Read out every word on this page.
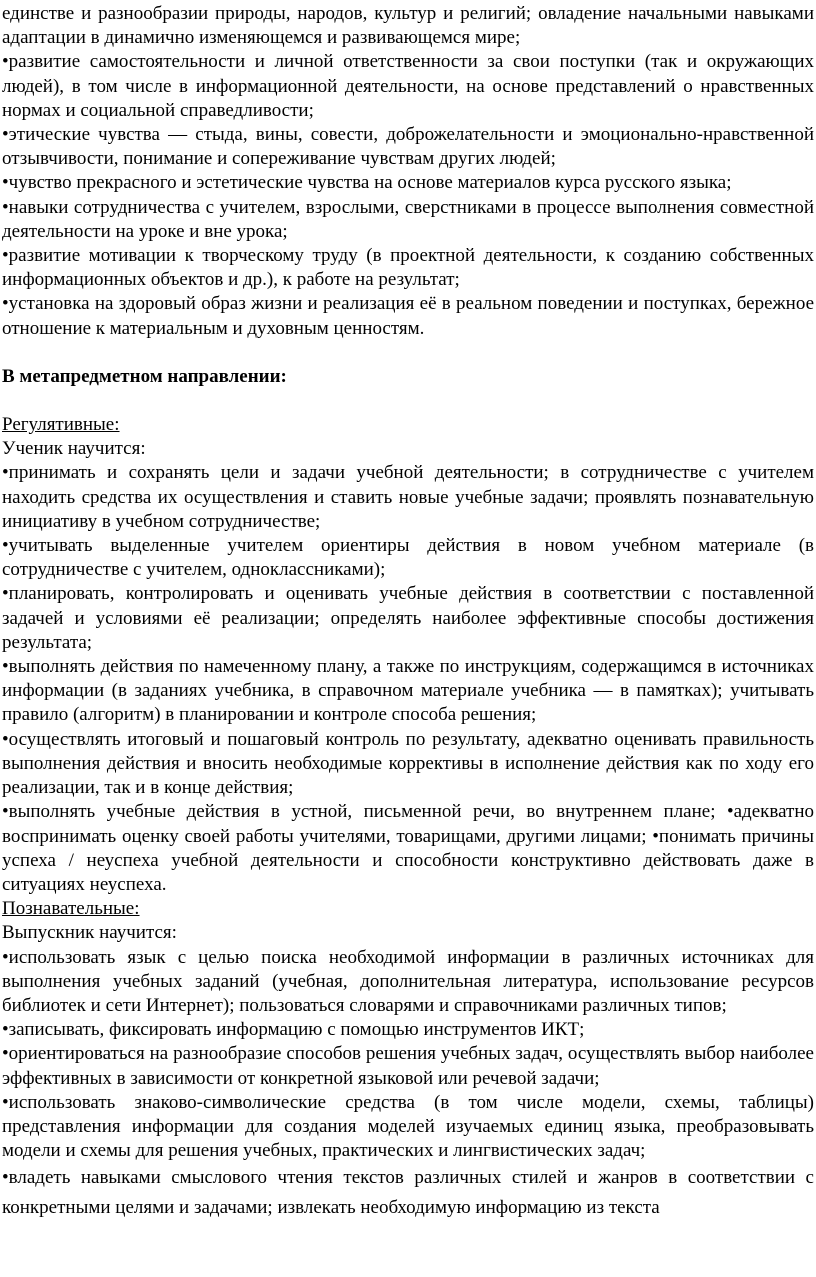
единстве и разнообразии природы, народов, культур и религий; овладение начальными навыками адаптации в динамично изменяющемся и развивающемся мире;

•развитие самостоятельности и личной ответственности за свои поступки (так и окружающих людей), в том числе в информационной деятельности, на основе представлений о нравственных нормах и социальной справедливости;

•этические чувства — стыда, вины, совести, доброжелательности и эмоционально-нравственной отзывчивости, понимание и сопереживание чувствам других людей;

•чувство прекрасного и эстетические чувства на основе материалов курса русского языка;

•навыки сотрудничества с учителем, взрослыми, сверстниками в процессе выполнения совместной деятельности на уроке и вне урока;

•развитие мотивации к творческому труду (в проектной деятельности, к созданию собственных информационных объектов и др.), к работе на результат;

•установка на здоровый образ жизни и реализация её в реальном поведении и поступках, бережное отношение к материальным и духовным ценностям.

В метапредметном направлении:

Регулятивные:

Ученик научится:

•принимать и сохранять цели и задачи учебной деятельности; в сотрудничестве с учителем находить средства их осуществления и ставить новые учебные задачи; проявлять познавательную инициативу в учебном сотрудничестве;

•учитывать выделенные учителем ориентиры действия в новом учебном материале (в сотрудничестве с учителем, одноклассниками);

•планировать, контролировать и оценивать учебные действия в соответствии с поставленной задачей и условиями её реализации; определять наиболее эффективные способы достижения результата;

•выполнять действия по намеченному плану, а также по инструкциям, содержащимся в источниках информации (в заданиях учебника, в справочном материале учебника — в памятках); учитывать правило (алгоритм) в планировании и контроле способа решения;

•осуществлять итоговый и пошаговый контроль по результату, адекватно оценивать правильность выполнения действия и вносить необходимые коррективы в исполнение действия как по ходу его реализации, так и в конце действия;

•выполнять учебные действия в устной, письменной речи, во внутреннем плане; •адекватно воспринимать оценку своей работы учителями, товарищами, другими лицами; •понимать причины успеха / неуспеха учебной деятельности и способности конструктивно действовать даже в ситуациях неуспеха.

Познавательные:

Выпускник научится:

•использовать язык с целью поиска необходимой информации в различных источниках для выполнения учебных заданий (учебная, дополнительная литература, использование ресурсов библиотек и сети Интернет); пользоваться словарями и справочниками различных типов;

•записывать, фиксировать информацию с помощью инструментов ИКТ;

•ориентироваться на разнообразие способов решения учебных задач, осуществлять выбор наиболее эффективных в зависимости от конкретной языковой или речевой задачи;

•использовать знаково-символические средства (в том числе модели, схемы, таблицы) представления информации для создания моделей изучаемых единиц языка, преобразовывать модели и схемы для решения учебных, практических и лингвистических задач;

•владеть навыками смыслового чтения текстов различных стилей и жанров в соответствии с конкретными целями и задачами; извлекать необходимую информацию из текста
